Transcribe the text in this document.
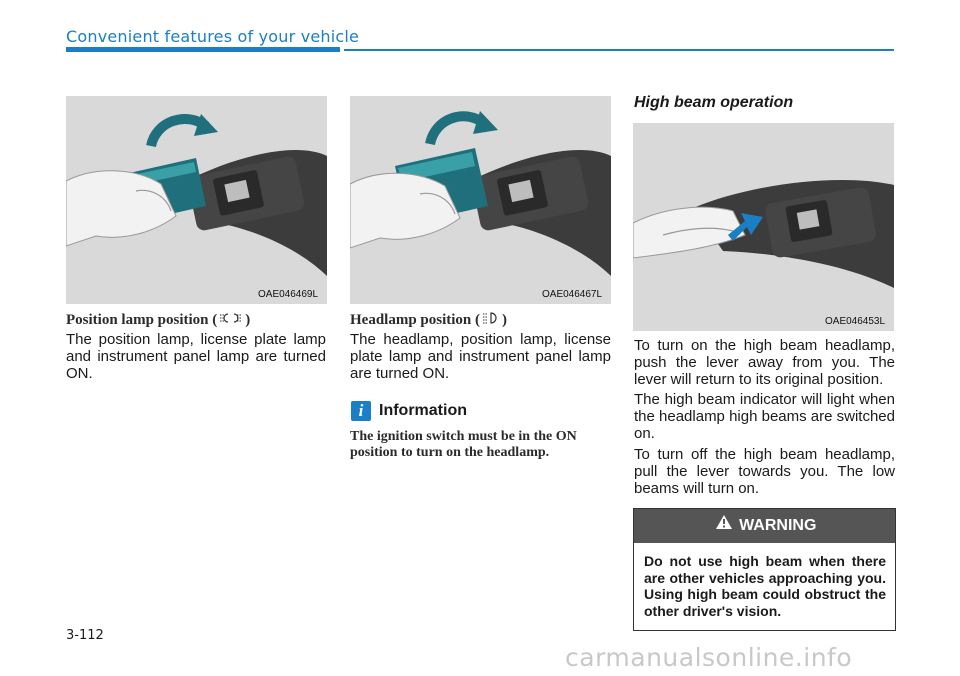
Convenient features of your vehicle
OAE046469L	OAE046467L
OAE046453L
Position lamp position ( )
The position lamp, license plate lamp and instrument panel lamp are turned ON.
Headlamp position ( )
The headlamp, position lamp, license plate lamp and instrument panel lamp are turned ON.
i Information
The ignition switch must be in the ON position to turn on the headlamp.
High beam operation
To turn on the high beam headlamp, push the lever away from you. The lever will return to its original position.
The high beam indicator will light when the headlamp high beams are switched on.
To turn off the high beam headlamp, pull the lever towards you. The low beams will turn on.
WARNING
Do not use high beam when there are other vehicles approaching you. Using high beam could obstruct the other driver's vision.
3-112
carmanualsonline.info
